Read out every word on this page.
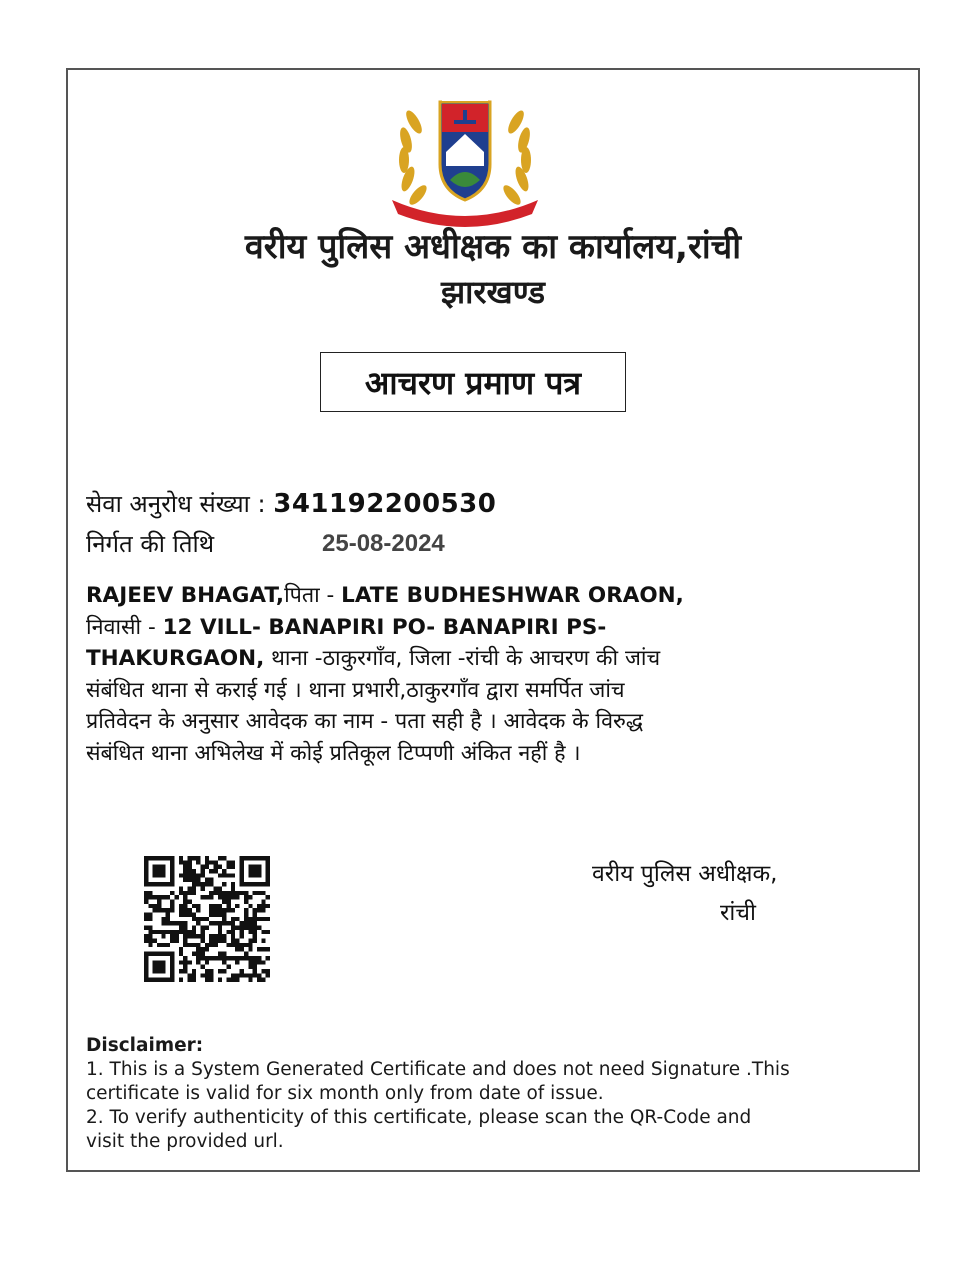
वरीय पुलिस अधीक्षक का कार्यालय,रांची
झारखण्ड
आचरण प्रमाण पत्र
सेवा अनुरोध संख्या : 341192200530
निर्गत की तिथि	25-08-2024
RAJEEV BHAGAT,पिता - LATE BUDHESHWAR ORAON,
निवासी - 12 VILL- BANAPIRI PO- BANAPIRI PS-
THAKURGAON, थाना -ठाकुरगाँव, जिला -रांची के आचरण की जांच
संबंधित थाना से कराई गई । थाना प्रभारी,ठाकुरगाँव द्वारा समर्पित जांच
प्रतिवेदन के अनुसार आवेदक का नाम - पता सही है । आवेदक के विरुद्ध
संबंधित थाना अभिलेख में कोई प्रतिकूल टिप्पणी अंकित नहीं है ।
वरीय पुलिस अधीक्षक,
रांची
Disclaimer:
1. This is a System Generated Certificate and does not need Signature .This
certificate is valid for six month only from date of issue.
2. To verify authenticity of this certificate, please scan the QR-Code and
visit the provided url.
